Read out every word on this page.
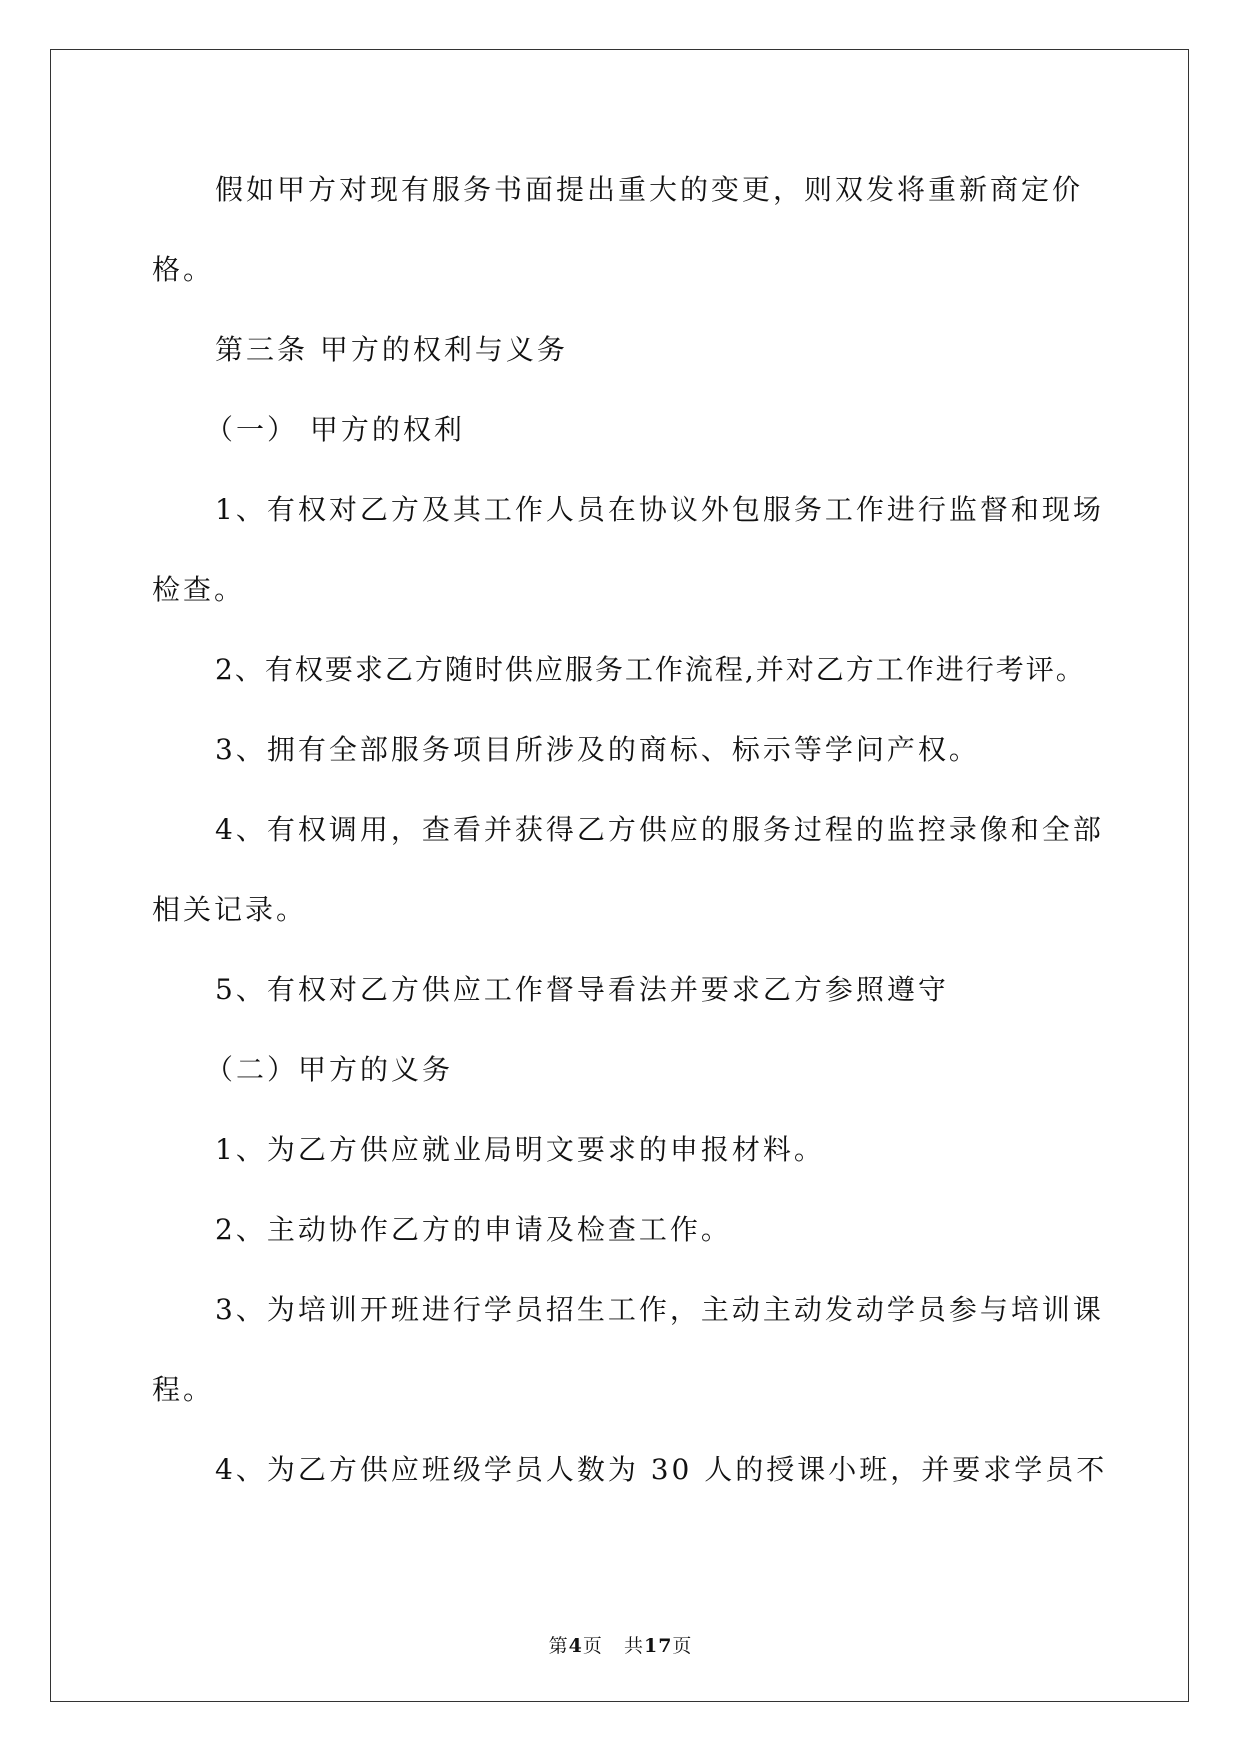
假如甲方对现有服务书面提出重大的变更，则双发将重新商定价
格。
第三条 甲方的权利与义务
（一） 甲方的权利
1、有权对乙方及其工作人员在协议外包服务工作进行监督和现场
检查。
2、有权要求乙方随时供应服务工作流程,并对乙方工作进行考评。
3、拥有全部服务项目所涉及的商标、标示等学问产权。
4、有权调用，查看并获得乙方供应的服务过程的监控录像和全部
相关记录。
5、有权对乙方供应工作督导看法并要求乙方参照遵守
（二）甲方的义务
1、为乙方供应就业局明文要求的申报材料。
2、主动协作乙方的申请及检查工作。
3、为培训开班进行学员招生工作，主动主动发动学员参与培训课
程。
4、为乙方供应班级学员人数为 30 人的授课小班，并要求学员不
第4页 共17页
